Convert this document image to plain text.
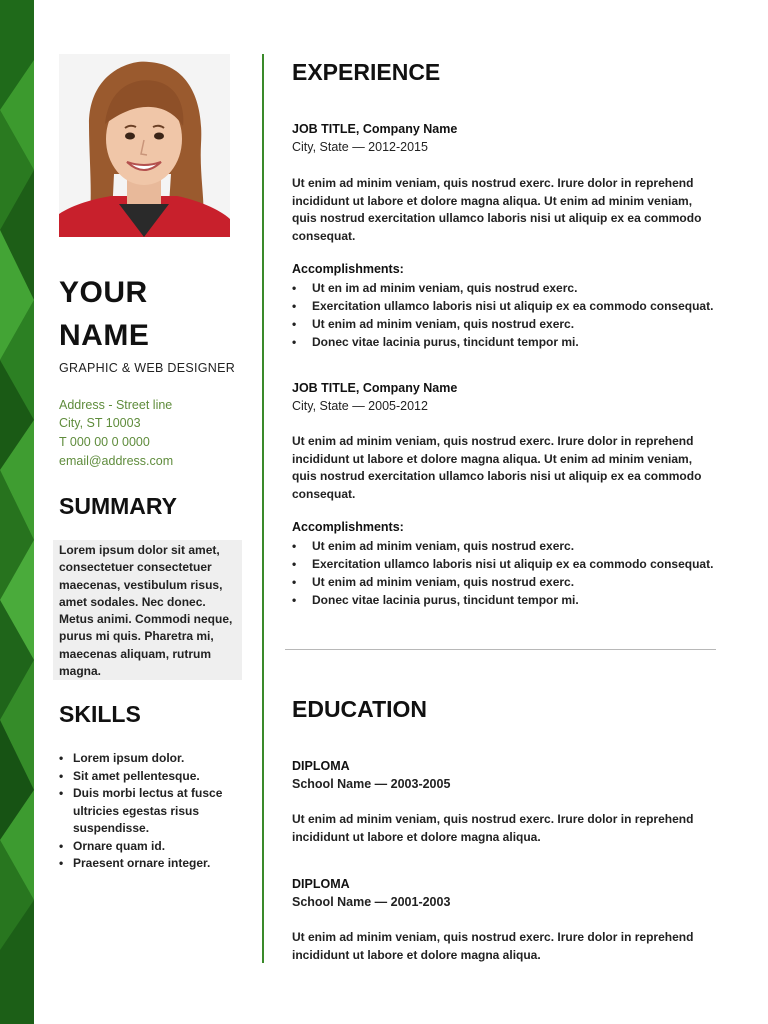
YOUR
NAME
GRAPHIC & WEB DESIGNER
Address - Street line
City, ST 10003
T 000 00 0 0000
email@address.com
SUMMARY

Lorem ipsum dolor sit amet, consectetuer consectetuer maecenas, vestibulum risus, amet sodales. Nec donec. Metus animi. Commodi neque, purus mi quis. Pharetra mi, maecenas aliquam, rutrum magna.

SKILLS
• Lorem ipsum dolor.
• Sit amet pellentesque.
• Duis morbi lectus at fusce ultricies egestas risus suspendisse.
• Ornare quam id.
• Praesent ornare integer.
EXPERIENCE
JOB TITLE, Company Name
City, State — 2012-2015
Ut enim ad minim veniam, quis nostrud exerc. Irure dolor in reprehend incididunt ut labore et dolore magna aliqua. Ut enim ad minim veniam, quis nostrud exercitation ullamco laboris nisi ut aliquip ex ea commodo consequat.
Accomplishments:
• Ut en im ad minim veniam, quis nostrud exerc.
• Exercitation ullamco laboris nisi ut aliquip ex ea commodo consequat.
• Ut enim ad minim veniam, quis nostrud exerc.
• Donec vitae lacinia purus, tincidunt tempor mi.
JOB TITLE, Company Name
City, State — 2005-2012
Ut enim ad minim veniam, quis nostrud exerc. Irure dolor in reprehend incididunt ut labore et dolore magna aliqua. Ut enim ad minim veniam, quis nostrud exercitation ullamco laboris nisi ut aliquip ex ea commodo consequat.
Accomplishments:
• Ut enim ad minim veniam, quis nostrud exerc.
• Exercitation ullamco laboris nisi ut aliquip ex ea commodo consequat.
• Ut enim ad minim veniam, quis nostrud exerc.
• Donec vitae lacinia purus, tincidunt tempor mi.
EDUCATION
DIPLOMA
School Name — 2003-2005
Ut enim ad minim veniam, quis nostrud exerc. Irure dolor in reprehend incididunt ut labore et dolore magna aliqua.
DIPLOMA
School Name — 2001-2003
Ut enim ad minim veniam, quis nostrud exerc. Irure dolor in reprehend incididunt ut labore et dolore magna aliqua.
